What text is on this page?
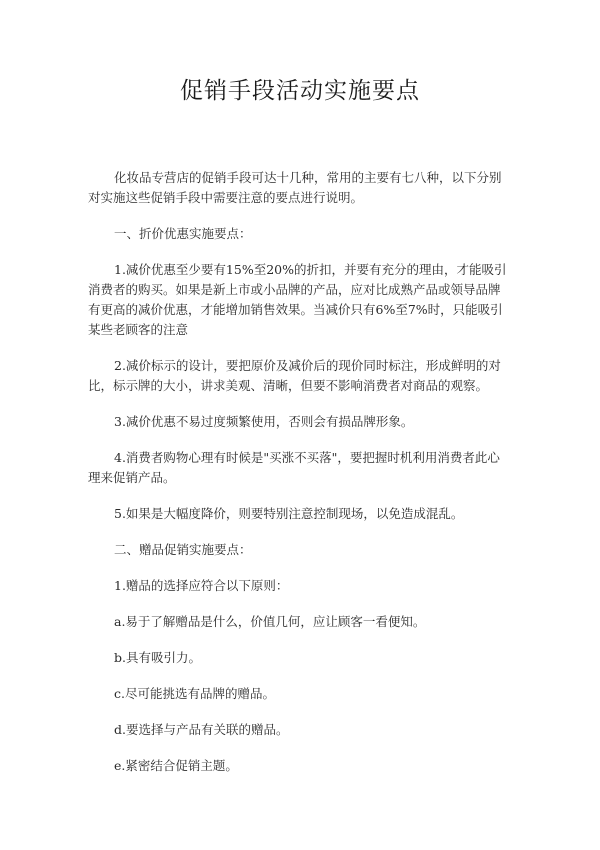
促销手段活动实施要点

化妆品专营店的促销手段可达十几种，常用的主要有七八种，以下分别对实施这些促销手段中需要注意的要点进行说明。

一、折价优惠实施要点：

1.减价优惠至少要有15%至20%的折扣，并要有充分的理由，才能吸引消费者的购买。如果是新上市或小品牌的产品，应对比成熟产品或领导品牌有更高的减价优惠，才能增加销售效果。当减价只有6%至7%时，只能吸引某些老顾客的注意

2.减价标示的设计，要把原价及减价后的现价同时标注，形成鲜明的对比，标示牌的大小，讲求美观、清晰，但要不影响消费者对商品的观察。

3.减价优惠不易过度频繁使用，否则会有损品牌形象。

4.消费者购物心理有时候是"买涨不买落"，要把握时机利用消费者此心理来促销产品。

5.如果是大幅度降价，则要特别注意控制现场，以免造成混乱。

二、赠品促销实施要点：

1.赠品的选择应符合以下原则：

a.易于了解赠品是什么，价值几何，应让顾客一看便知。

b.具有吸引力。

c.尽可能挑选有品牌的赠品。

d.要选择与产品有关联的赠品。

e.紧密结合促销主题。
